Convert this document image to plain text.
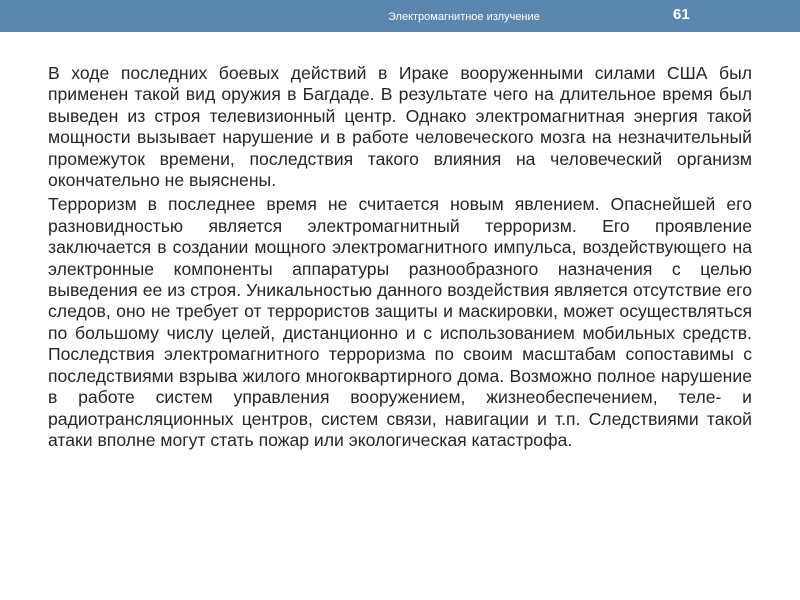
Электромагнитное излучение	61

В ходе последних боевых действий в Ираке вооруженными силами США был применен такой вид оружия в Багдаде. В результате чего на длительное время был выведен из строя телевизионный центр. Однако электромагнитная энергия такой мощности вызывает нарушение и в работе человеческого мозга на незначительный промежуток времени, последствия такого влияния на человеческий организм окончательно не выяснены.

Терроризм в последнее время не считается новым явлением. Опаснейшей его разновидностью является электромагнитный терроризм. Его проявление заключается в создании мощного электромагнитного импульса, воздействующего на электронные компоненты аппаратуры разнообразного назначения с целью выведения ее из строя. Уникальностью данного воздействия является отсутствие его следов, оно не требует от террористов защиты и маскировки, может осуществляться по большому числу целей, дистанционно и с использованием мобильных средств. Последствия электромагнитного терроризма по своим масштабам сопоставимы с последствиями взрыва жилого многоквартирного дома. Возможно полное нарушение в работе систем управления вооружением, жизнеобеспечением, теле- и радиотрансляционных центров, систем связи, навигации и т.п. Следствиями такой атаки вполне могут стать пожар или экологическая катастрофа.
